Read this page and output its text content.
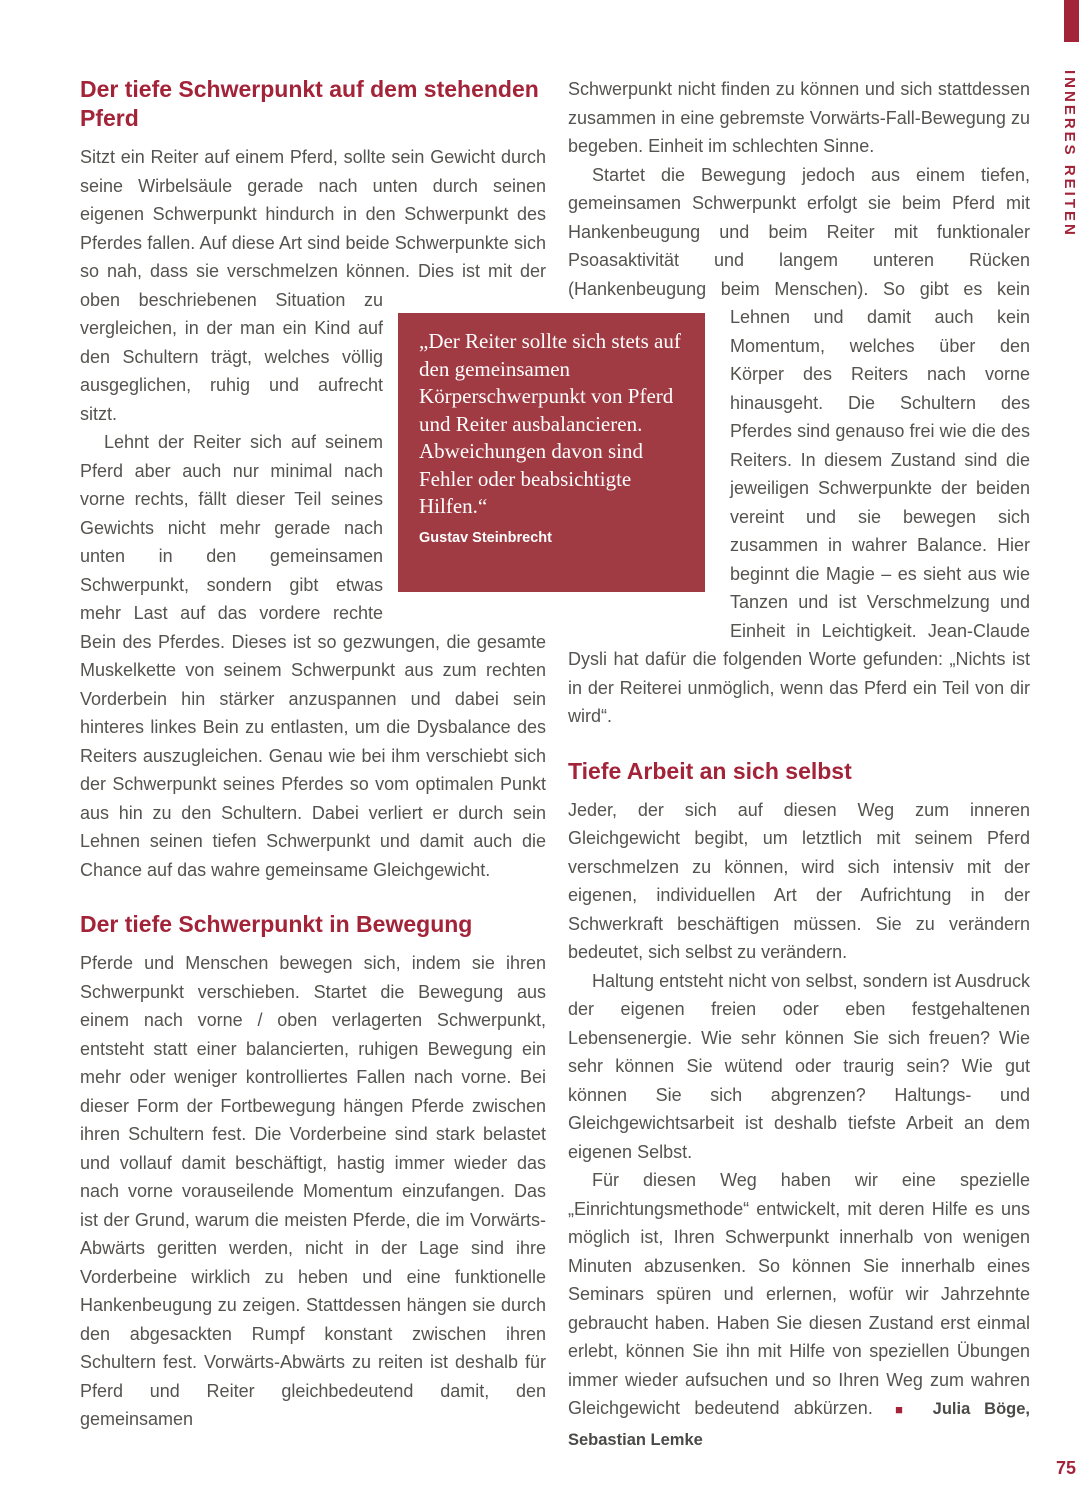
Der tiefe Schwerpunkt auf dem stehenden Pferd

Sitzt ein Reiter auf einem Pferd, sollte sein Gewicht durch seine Wirbelsäule gerade nach unten durch seinen eigenen Schwerpunkt hindurch in den Schwerpunkt des Pferdes fallen. Auf diese Art sind beide Schwerpunkte sich so nah, dass sie verschmelzen können. Dies ist mit der oben beschriebenen Situation zu vergleichen, in der man ein Kind auf den Schultern trägt, welches völlig ausgeglichen, ruhig und aufrecht sitzt.

Lehnt der Reiter sich auf seinem Pferd aber auch nur minimal nach vorne rechts, fällt dieser Teil seines Gewichts nicht mehr gerade nach unten in den gemeinsamen Schwerpunkt, sondern gibt etwas mehr Last auf das vordere rechte Bein des Pferdes. Dieses ist so gezwungen, die gesamte Muskelkette von seinem Schwerpunkt aus zum rechten Vorderbein hin stärker anzuspannen und dabei sein hinteres linkes Bein zu entlasten, um die Dysbalance des Reiters auszugleichen. Genau wie bei ihm verschiebt sich der Schwerpunkt seines Pferdes so vom optimalen Punkt aus hin zu den Schultern. Dabei verliert er durch sein Lehnen seinen tiefen Schwerpunkt und damit auch die Chance auf das wahre gemeinsame Gleichgewicht.

Der tiefe Schwerpunkt in Bewegung

Pferde und Menschen bewegen sich, indem sie ihren Schwerpunkt verschieben. Startet die Bewegung aus einem nach vorne / oben verlagerten Schwerpunkt, entsteht statt einer balancierten, ruhigen Bewegung ein mehr oder weniger kontrolliertes Fallen nach vorne. Bei dieser Form der Fortbewegung hängen Pferde zwischen ihren Schultern fest. Die Vorderbeine sind stark belastet und vollauf damit beschäftigt, hastig immer wieder das nach vorne vorauseilende Momentum einzufangen. Das ist der Grund, warum die meisten Pferde, die im Vorwärts-Abwärts geritten werden, nicht in der Lage sind ihre Vorderbeine wirklich zu heben und eine funktionelle Hankenbeugung zu zeigen. Stattdessen hängen sie durch den abgesackten Rumpf konstant zwischen ihren Schultern fest. Vorwärts-Abwärts zu reiten ist deshalb für Pferd und Reiter gleichbedeutend damit, den gemeinsamen

Schwerpunkt nicht finden zu können und sich stattdessen zusammen in eine gebremste Vorwärts-Fall-Bewegung zu begeben. Einheit im schlechten Sinne.

Startet die Bewegung jedoch aus einem tiefen, gemeinsamen Schwerpunkt erfolgt sie beim Pferd mit Hankenbeugung und beim Reiter mit funktionaler Psoasaktivität und langem unteren Rücken (Hankenbeugung beim Menschen). So gibt es kein Lehnen und damit auch kein Momentum, welches über den Körper des Reiters nach vorne hinausgeht. Die Schultern des Pferdes sind genauso frei wie die des Reiters. In diesem Zustand sind die jeweiligen Schwerpunkte der beiden vereint und sie bewegen sich zusammen in wahrer Balance. Hier beginnt die Magie – es sieht aus wie Tanzen und ist Verschmelzung und Einheit in Leichtigkeit. Jean-Claude Dysli hat dafür die folgenden Worte gefunden: „Nichts ist in der Reiterei unmöglich, wenn das Pferd ein Teil von dir wird“.

Tiefe Arbeit an sich selbst

Jeder, der sich auf diesen Weg zum inneren Gleichgewicht begibt, um letztlich mit seinem Pferd verschmelzen zu können, wird sich intensiv mit der eigenen, individuellen Art der Aufrichtung in der Schwerkraft beschäftigen müssen. Sie zu verändern bedeutet, sich selbst zu verändern.

Haltung entsteht nicht von selbst, sondern ist Ausdruck der eigenen freien oder eben festgehaltenen Lebensenergie. Wie sehr können Sie sich freuen? Wie sehr können Sie wütend oder traurig sein? Wie gut können Sie sich abgrenzen? Haltungs- und Gleichgewichtsarbeit ist deshalb tiefste Arbeit an dem eigenen Selbst.

Für diesen Weg haben wir eine spezielle „Einrichtungsmethode“ entwickelt, mit deren Hilfe es uns möglich ist, Ihren Schwerpunkt innerhalb von wenigen Minuten abzusenken. So können Sie innerhalb eines Seminars spüren und erlernen, wofür wir Jahrzehnte gebraucht haben. Haben Sie diesen Zustand erst einmal erlebt, können Sie ihn mit Hilfe von speziellen Übungen immer wieder aufsuchen und so Ihren Weg zum wahren Gleichgewicht bedeutend abkürzen. ■ Julia Böge, Sebastian Lemke

„Der Reiter sollte sich stets auf den gemeinsamen Körperschwerpunkt von Pferd und Reiter ausbalancieren. Abweichungen davon sind Fehler oder beabsichtigte Hilfen.“

Gustav Steinbrecht

INNERES REITEN
75
